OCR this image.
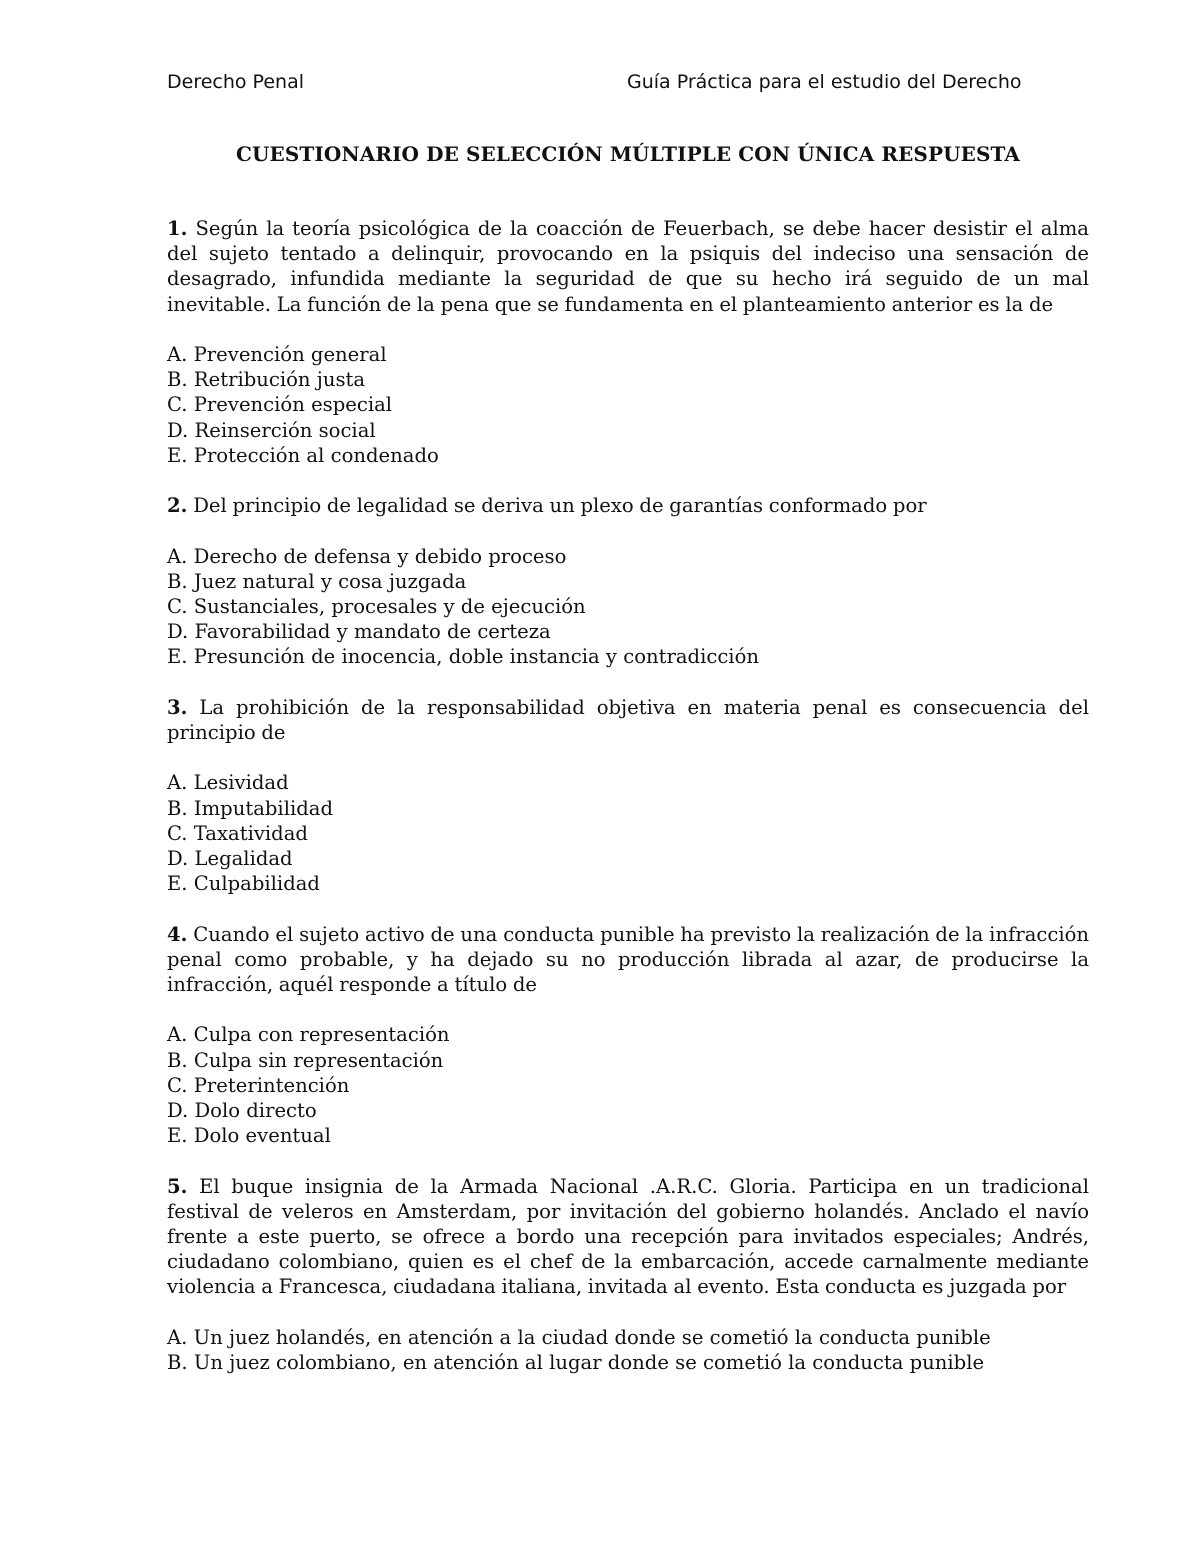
Derecho Penal	Guía Práctica para el estudio del Derecho
CUESTIONARIO DE SELECCIÓN MÚLTIPLE CON ÚNICA RESPUESTA

1. Según la teoría psicológica de la coacción de Feuerbach, se debe hacer desistir el alma del sujeto tentado a delinquir, provocando en la psiquis del indeciso una sensación de desagrado, infundida mediante la seguridad de que su hecho irá seguido de un mal inevitable. La función de la pena que se fundamenta en el planteamiento anterior es la de

A. Prevención general
B. Retribución justa
C. Prevención especial
D. Reinserción social
E. Protección al condenado

2. Del principio de legalidad se deriva un plexo de garantías conformado por

A. Derecho de defensa y debido proceso
B. Juez natural y cosa juzgada
C. Sustanciales, procesales y de ejecución
D. Favorabilidad y mandato de certeza
E. Presunción de inocencia, doble instancia y contradicción

3. La prohibición de la responsabilidad objetiva en materia penal es consecuencia del principio de

A. Lesividad
B. Imputabilidad
C. Taxatividad
D. Legalidad
E. Culpabilidad

4. Cuando el sujeto activo de una conducta punible ha previsto la realización de la infracción penal como probable, y ha dejado su no producción librada al azar, de producirse la infracción, aquél responde a título de

A. Culpa con representación
B. Culpa sin representación
C. Preterintención
D. Dolo directo
E. Dolo eventual

5. El buque insignia de la Armada Nacional .A.R.C. Gloria. Participa en un tradicional festival de veleros en Amsterdam, por invitación del gobierno holandés. Anclado el navío frente a este puerto, se ofrece a bordo una recepción para invitados especiales; Andrés, ciudadano colombiano, quien es el chef de la embarcación, accede carnalmente mediante violencia a Francesca, ciudadana italiana, invitada al evento. Esta conducta es juzgada por

A. Un juez holandés, en atención a la ciudad donde se cometió la conducta punible
B. Un juez colombiano, en atención al lugar donde se cometió la conducta punible
